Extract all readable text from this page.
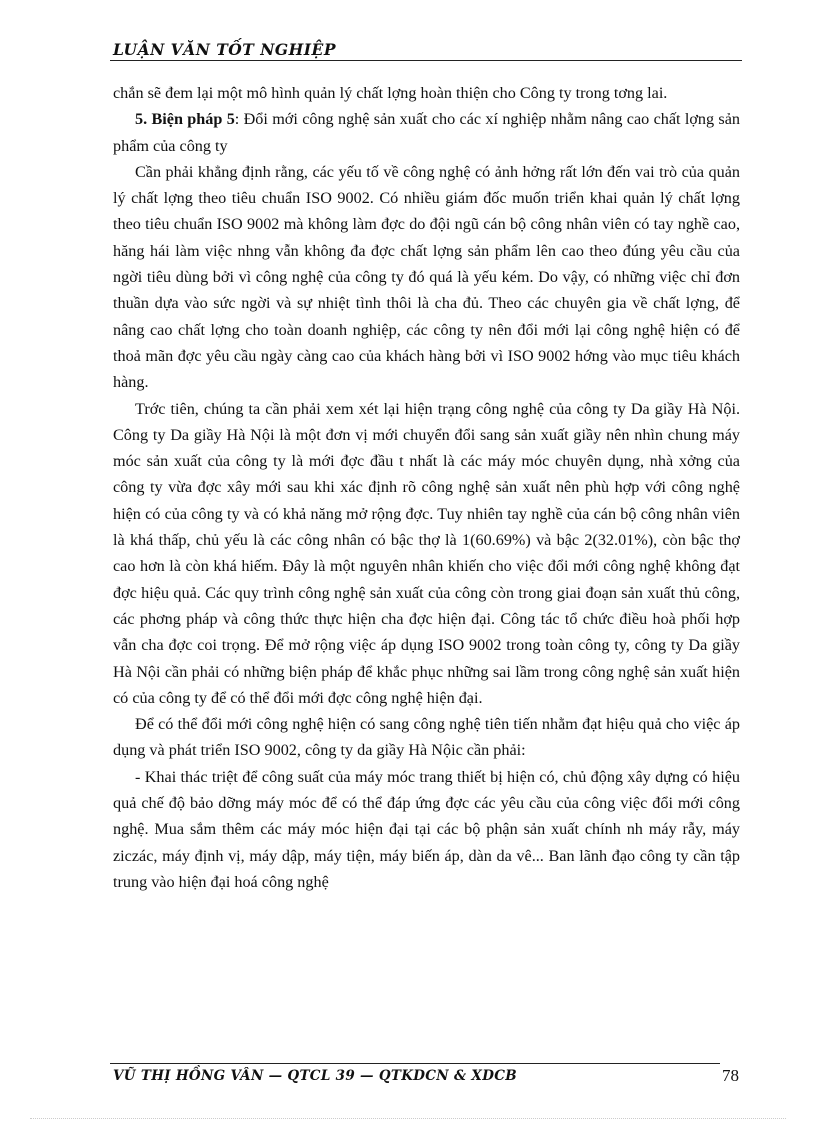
LUẬN VĂN TỐT NGHIỆP

chắn sẽ đem lại một mô hình quản lý chất lợng hoàn thiện cho Công ty trong tơng lai.

5. Biện pháp 5: Đổi mới công nghệ sản xuất cho các xí nghiệp nhằm nâng cao chất lợng sản phẩm của công ty

Cần phải khẳng định rằng, các yếu tố về công nghệ có ảnh hởng rất lớn đến vai trò của quản lý chất lợng theo tiêu chuẩn ISO 9002. Có nhiều giám đốc muốn triển khai quản lý chất lợng theo tiêu chuẩn ISO 9002 mà không làm đợc do đội ngũ cán bộ công nhân viên có tay nghề cao, hăng hái làm việc nhng vẫn không đa đợc chất lợng sản phẩm lên cao theo đúng yêu cầu của ngời tiêu dùng bởi vì công nghệ của công ty đó quá là yếu kém. Do vậy, có những việc chỉ đơn thuần dựa vào sức ngời và sự nhiệt tình thôi là cha đủ. Theo các chuyên gia về chất lợng, để nâng cao chất lợng cho toàn doanh nghiệp, các công ty nên đổi mới lại công nghệ hiện có để thoả mãn đợc yêu cầu ngày càng cao của khách hàng bởi vì ISO 9002 hớng vào mục tiêu khách hàng.

Trớc tiên, chúng ta cần phải xem xét lại hiện trạng công nghệ của công ty Da giầy Hà Nội. Công ty Da giầy Hà Nội là một đơn vị mới chuyển đổi sang sản xuất giầy nên nhìn chung máy móc sản xuất của công ty là mới đợc đầu t nhất là các máy móc chuyên dụng, nhà xởng của công ty vừa đợc xây mới sau khi xác định rõ công nghệ sản xuất nên phù hợp với công nghệ hiện có của công ty và có khả năng mở rộng đợc. Tuy nhiên tay nghề của cán bộ công nhân viên là khá thấp, chủ yếu là các công nhân có bậc thợ là 1(60.69%) và bậc 2(32.01%), còn bậc thợ cao hơn là còn khá hiếm. Đây là một nguyên nhân khiến cho việc đổi mới công nghệ không đạt đợc hiệu quả. Các quy trình công nghệ sản xuất của công còn trong giai đoạn sản xuất thủ công, các phơng pháp và công thức thực hiện cha đợc hiện đại. Công tác tổ chức điều hoà phối hợp vẫn cha đợc coi trọng. Để mở rộng việc áp dụng ISO 9002 trong toàn công ty, công ty Da giầy Hà Nội cần phải có những biện pháp để khắc phục những sai lầm trong công nghệ sản xuất hiện có của công ty để có thể đổi mới đợc công nghệ hiện đại.

Để có thể đổi mới công nghệ hiện có sang công nghệ tiên tiến nhằm đạt hiệu quả cho việc áp dụng và phát triển ISO 9002, công ty da giầy Hà Nộic cần phải:

- Khai thác triệt để công suất của máy móc trang thiết bị hiện có, chủ động xây dựng có hiệu quả chế độ bảo dỡng máy móc để có thể đáp ứng đợc các yêu cầu của công việc đổi mới công nghệ. Mua sắm thêm các máy móc hiện đại tại các bộ phận sản xuất chính nh máy rẫy, máy ziczác, máy định vị, máy dập, máy tiện, máy biến áp, dàn da vê... Ban lãnh đạo công ty cần tập trung vào hiện đại hoá công nghệ

VŨ THỊ HỒNG VÂN — QTCL 39 — QTKDCN & XDCB	78
